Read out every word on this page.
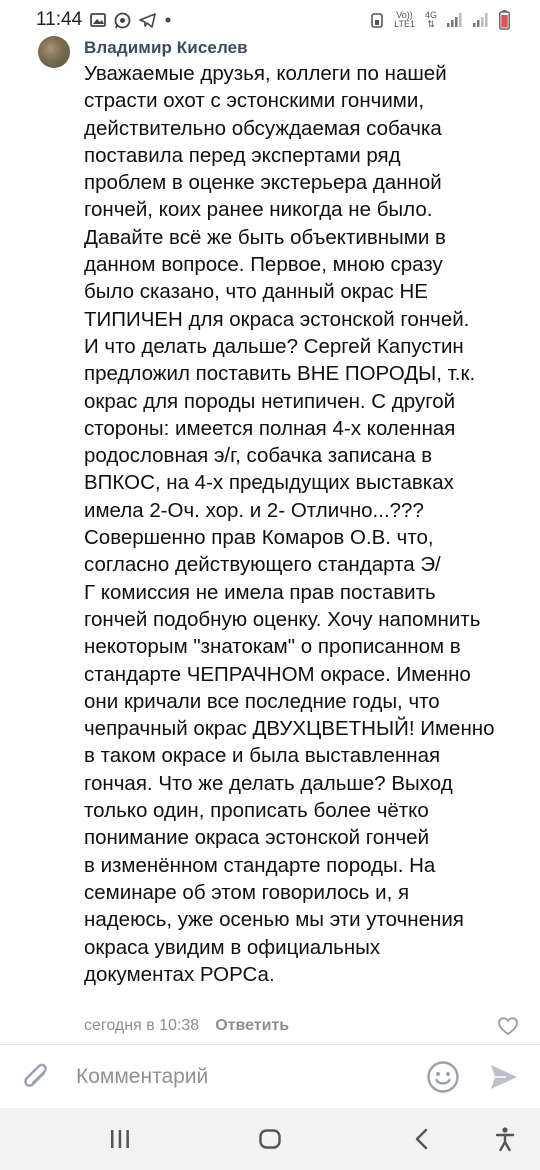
11:44	Vo))
LTE1
4G
⇅
Владимир Киселев
Уважаемые друзья, коллеги по нашей
страсти охот с эстонскими гончими,
действительно обсуждаемая собачка
поставила перед экспертами ряд
проблем в оценке экстерьера данной
гончей, коих ранее никогда не было.
Давайте всё же быть объективными в
данном вопросе. Первое, мною сразу
было сказано, что данный окрас НЕ
ТИПИЧЕН для окраса эстонской гончей.
И что делать дальше? Сергей Капустин
предложил поставить ВНЕ ПОРОДЫ, т.к.
окрас для породы нетипичен. С другой
стороны: имеется полная 4-х коленная
родословная э/г, собачка записана в
ВПКОС, на 4-х предыдущих выставках
имела 2-Оч. хор. и 2- Отлично...???
Совершенно прав Комаров О.В. что,
согласно действующего стандарта Э/
Г комиссия не имела прав поставить
гончей подобную оценку. Хочу напомнить
некоторым "знатокам" о прописанном в
стандарте ЧЕПРАЧНОМ окрасе. Именно
они кричали все последние годы, что
чепрачный окрас ДВУХЦВЕТНЫЙ! Именно
в таком окрасе и была выставленная
гончая. Что же делать дальше? Выход
только один, прописать более чётко
понимание окраса эстонской гончей
в изменённом стандарте породы. На
семинаре об этом говорилось и, я
надеюсь, уже осенью мы эти уточнения
окраса увидим в официальных
документах РОРСа.
сегодня в 10:38 Ответить
Комментарий
